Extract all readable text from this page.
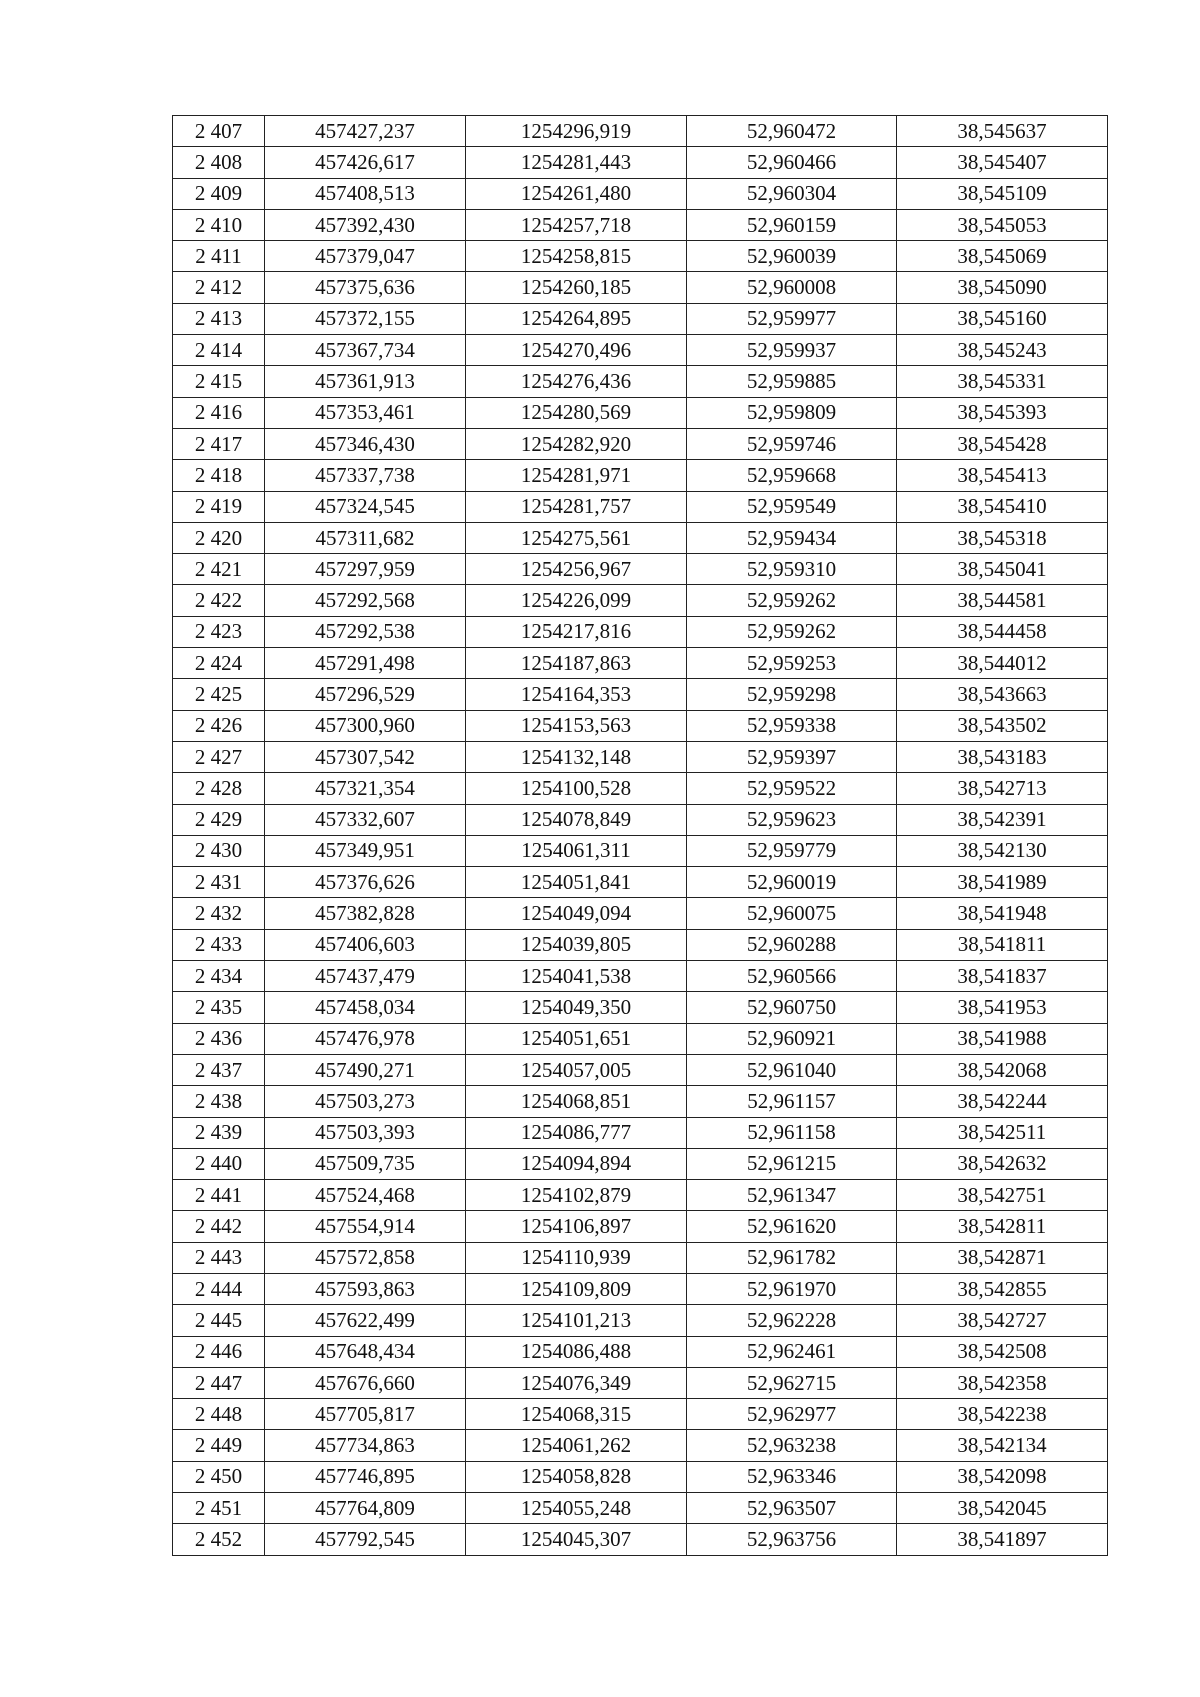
2 407	457427,237	1254296,919	52,960472	38,545637
2 408	457426,617	1254281,443	52,960466	38,545407
2 409	457408,513	1254261,480	52,960304	38,545109
2 410	457392,430	1254257,718	52,960159	38,545053
2 411	457379,047	1254258,815	52,960039	38,545069
2 412	457375,636	1254260,185	52,960008	38,545090
2 413	457372,155	1254264,895	52,959977	38,545160
2 414	457367,734	1254270,496	52,959937	38,545243
2 415	457361,913	1254276,436	52,959885	38,545331
2 416	457353,461	1254280,569	52,959809	38,545393
2 417	457346,430	1254282,920	52,959746	38,545428
2 418	457337,738	1254281,971	52,959668	38,545413
2 419	457324,545	1254281,757	52,959549	38,545410
2 420	457311,682	1254275,561	52,959434	38,545318
2 421	457297,959	1254256,967	52,959310	38,545041
2 422	457292,568	1254226,099	52,959262	38,544581
2 423	457292,538	1254217,816	52,959262	38,544458
2 424	457291,498	1254187,863	52,959253	38,544012
2 425	457296,529	1254164,353	52,959298	38,543663
2 426	457300,960	1254153,563	52,959338	38,543502
2 427	457307,542	1254132,148	52,959397	38,543183
2 428	457321,354	1254100,528	52,959522	38,542713
2 429	457332,607	1254078,849	52,959623	38,542391
2 430	457349,951	1254061,311	52,959779	38,542130
2 431	457376,626	1254051,841	52,960019	38,541989
2 432	457382,828	1254049,094	52,960075	38,541948
2 433	457406,603	1254039,805	52,960288	38,541811
2 434	457437,479	1254041,538	52,960566	38,541837
2 435	457458,034	1254049,350	52,960750	38,541953
2 436	457476,978	1254051,651	52,960921	38,541988
2 437	457490,271	1254057,005	52,961040	38,542068
2 438	457503,273	1254068,851	52,961157	38,542244
2 439	457503,393	1254086,777	52,961158	38,542511
2 440	457509,735	1254094,894	52,961215	38,542632
2 441	457524,468	1254102,879	52,961347	38,542751
2 442	457554,914	1254106,897	52,961620	38,542811
2 443	457572,858	1254110,939	52,961782	38,542871
2 444	457593,863	1254109,809	52,961970	38,542855
2 445	457622,499	1254101,213	52,962228	38,542727
2 446	457648,434	1254086,488	52,962461	38,542508
2 447	457676,660	1254076,349	52,962715	38,542358
2 448	457705,817	1254068,315	52,962977	38,542238
2 449	457734,863	1254061,262	52,963238	38,542134
2 450	457746,895	1254058,828	52,963346	38,542098
2 451	457764,809	1254055,248	52,963507	38,542045
2 452	457792,545	1254045,307	52,963756	38,541897
